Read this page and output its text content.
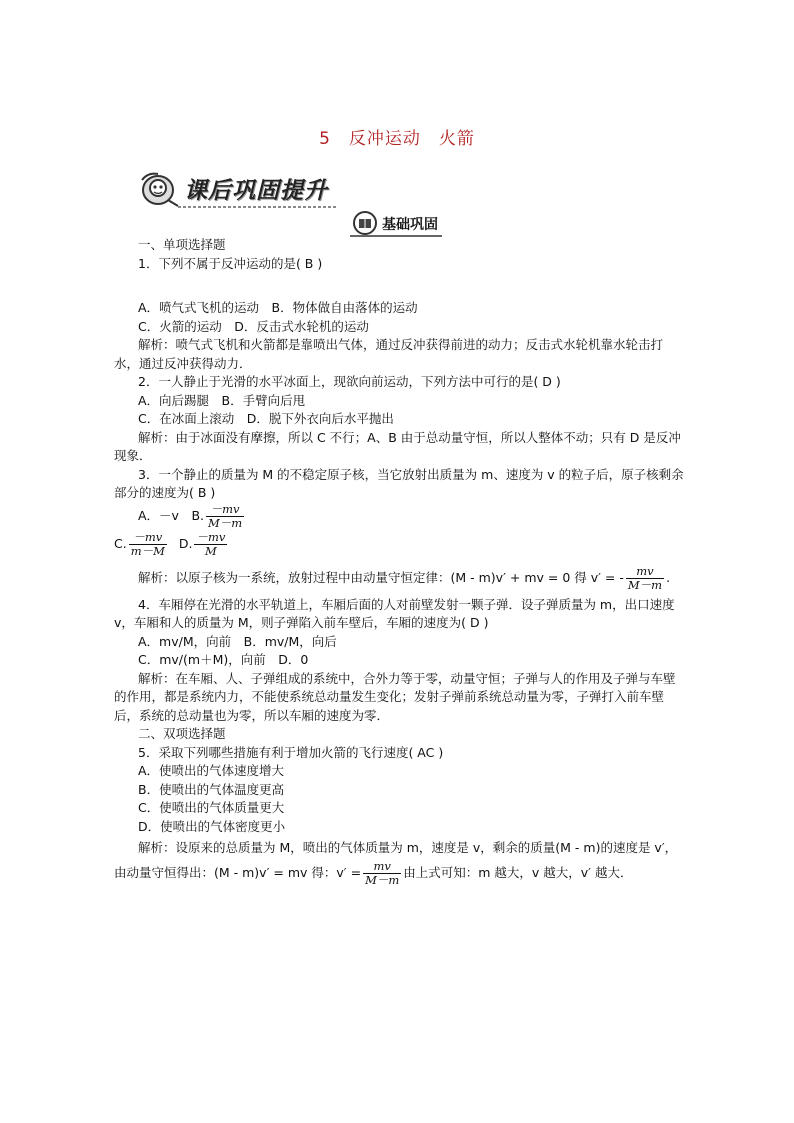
5　反冲运动　火箭
课后巩固提升
基础巩固
一、单项选择题
1．下列不属于反冲运动的是( B )
A．喷气式飞机的运动　B．物体做自由落体的运动
C．火箭的运动　D．反击式水轮机的运动
解析：喷气式飞机和火箭都是靠喷出气体，通过反冲获得前进的动力；反击式水轮机靠水轮击打水，通过反冲获得动力．
2．一人静止于光滑的水平冰面上，现欲向前运动，下列方法中可行的是( D )
A．向后踢腿　B．手臂向后甩
C．在冰面上滚动　D．脱下外衣向后水平抛出
解析：由于冰面没有摩擦，所以 C 不行；A、B 由于总动量守恒，所以人整体不动；只有 D 是反冲现象．
3．一个静止的质量为 M 的不稳定原子核，当它放射出质量为 m、速度为 v 的粒子后，原子核剩余部分的速度为( B )
A．－v　B. $\frac{-mv}{M-m}$
C. $\frac{-mv}{m-M} D$. $\frac{-mv}{M}$
解析：以原子核为一系统，放射过程中由动量守恒定律：(M - m)v′ + mv = 0 得 v′ = - $\frac{mv}{M-m}$ .
4．车厢停在光滑的水平轨道上，车厢后面的人对前壁发射一颗子弹．设子弹质量为 m，出口速度 v，车厢和人的质量为 M，则子弹陷入前车壁后，车厢的速度为( D )
A．mv/M，向前　B．mv/M，向后
C．mv/(m＋M)，向前　D．0
解析：在车厢、人、子弹组成的系统中，合外力等于零，动量守恒；子弹与人的作用及子弹与车壁的作用，都是系统内力，不能使系统总动量发生变化；发射子弹前系统总动量为零，子弹打入前车壁后，系统的总动量也为零，所以车厢的速度为零．
二、双项选择题
5．采取下列哪些措施有利于增加火箭的飞行速度( AC )
A．使喷出的气体速度增大
B．使喷出的气体温度更高
C．使喷出的气体质量更大
D．使喷出的气体密度更小
解析：设原来的总质量为 M，喷出的气体质量为 m，速度是 v，剩余的质量(M - m)的速度是 v′，由动量守恒得出：(M - m)v′ = mv 得：$v' = \frac{mv}{M-m}$ 由上式可知：m 越大，v 越大，v′ 越大．
